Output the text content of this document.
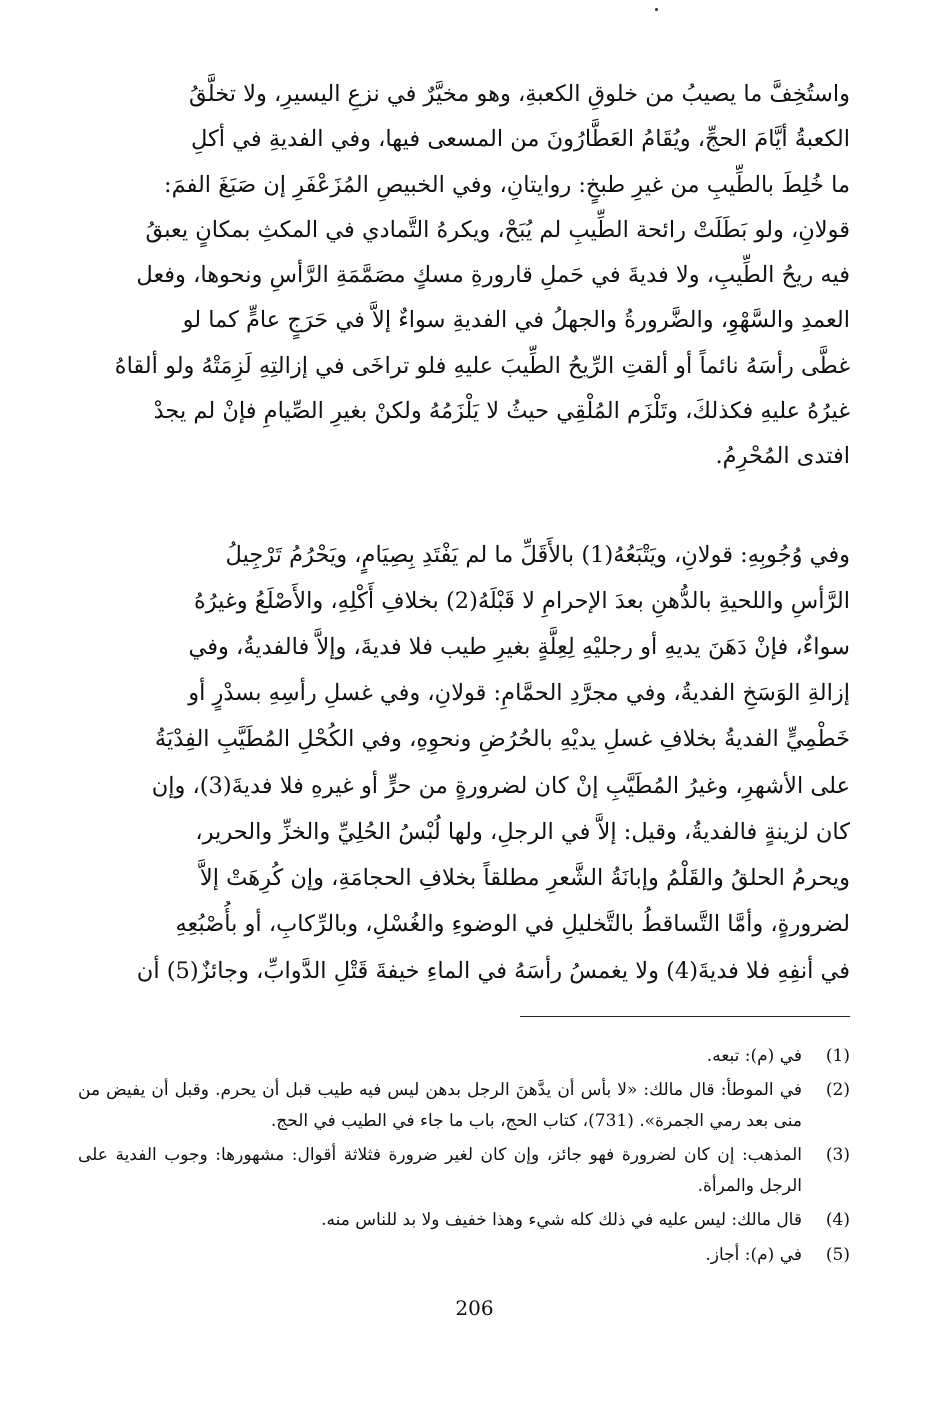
واستُخِفَّ ما يصيبُ من خلوقِ الكعبةِ، وهو مخيَّرٌ في نزعِ اليسيرِ، ولا تخلَّقُ
الكعبةُ أيَّامَ الحجِّ، ويُقَامُ العَطَّارُونَ من المسعى فيها، وفي الفديةِ في أكلِ
ما خُلِطَ بالطِّيبِ من غيرِ طبخٍ: روايتانِ، وفي الخبيصِ المُزَعْفَرِ إن صَبَغَ الفمَ:
قولانِ، ولو بَطَلَتْ رائحة الطِّيبِ لم يُبَحْ، ويكرهُ التَّمادي في المكثِ بمكانٍ يعبقُ
فيه ريحُ الطِّيبِ، ولا فديةَ في حَملِ قارورةِ مسكٍ مصَمَّمَةِ الرَّأسِ ونحوها، وفعل
العمدِ والسَّهْوِ، والضَّرورةُ والجهلُ في الفديةِ سواءٌ إلاَّ في حَرَجٍ عامٍّ كما لو
غطَّى رأسَهُ نائماً أو ألقتِ الرِّيحُ الطِّيبَ عليهِ فلو تراخَى في إزالتِهِ لَزِمَتْهُ ولو ألقاهُ
غيرُهُ عليهِ فكذلكَ، وتَلْزَم المُلْقِي حيثُ لا يَلْزَمُهُ ولكنْ بغيرِ الصِّيامِ فإنْ لم يجدْ
افتدى المُحْرِمُ.
وفي وُجُوبِهِ: قولانِ، ويَتْبَعُهُ(1) بالأَقَلِّ ما لم يَفْتَدِ بِصِيَامٍ، ويَحْرُمُ تَرْجِيلُ
الرَّأسِ واللحيةِ بالدُّهنِ بعدَ الإحرامِ لا قَبْلَهُ(2) بخلافِ أَكْلِهِ، والأَصْلَعُ وغيرُهُ
سواءٌ، فإنْ دَهَنَ يديهِ أو رجليْهِ لِعِلَّةٍ بغيرِ طيب فلا فديةَ، وإلاَّ فالفديةُ، وفي
إزالةِ الوَسَخِ الفديةُ، وفي مجرَّدِ الحمَّامِ: قولانِ، وفي غسلِ رأسِهِ بسدْرٍ أو
خَطْمِيٍّ الفديةُ بخلافِ غسلِ يديْهِ بالحُرُضِ ونحوِهِ، وفي الكُحْلِ المُطَيَّبِ الفِدْيَةُ
على الأشهرِ، وغيرُ المُطَيَّبِ إنْ كان لضرورةٍ من حرٍّ أو غيرهِ فلا فديةَ(3)، وإن
كان لزينةٍ فالفديةُ، وقيل: إلاَّ في الرجلِ، ولها لُبْسُ الحُلِيِّ والخزِّ والحرير،
ويحرمُ الحلقُ والقَلْمُ وإبانَةُ الشَّعرِ مطلقاً بخلافِ الحجامَةِ، وإن كُرِهَتْ إلاَّ
لضرورةٍ، وأمَّا التَّساقطُ بالتَّخليلِ في الوضوءِ والغُسْلِ، وبالرِّكابِ، أو بأُصْبُعِهِ
في أنفِهِ فلا فديةَ(4) ولا يغمسُ رأسَهُ في الماءِ خيفةَ قَتْلِ الدَّوابِّ، وجائزٌ(5) أن
(1)
في (م): تبعه.
(2)
في الموطأ: قال مالك: «لا بأس أن يدَّهنَ الرجل بدهن ليس فيه طيب قبل أن يحرم. وقبل أن يفيض من منى بعد رمي الجمرة». (731)، كتاب الحج، باب ما جاء في الطيب في الحج.
(3)
المذهب: إن كان لضرورة فهو جائز، وإن كان لغير ضرورة فثلاثة أقوال: مشهورها: وجوب الفدية على الرجل والمرأة.
(4)
قال مالك: ليس عليه في ذلك كله شيء وهذا خفيف ولا بد للناس منه.
(5)
في (م): أجاز.
206
